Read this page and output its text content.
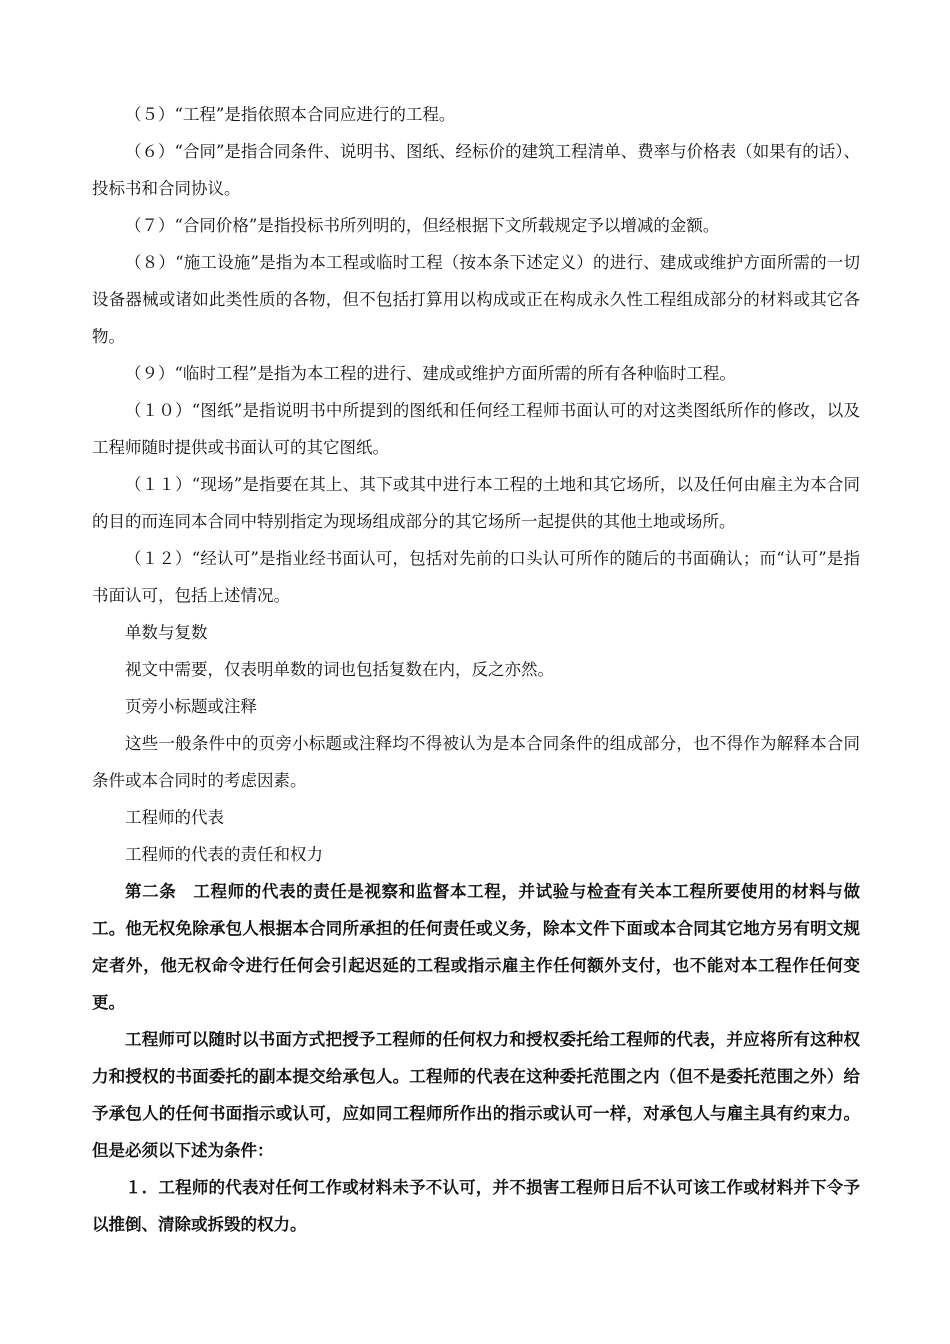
（５）“工程”是指依照本合同应进行的工程。

（６）“合同”是指合同条件、说明书、图纸、经标价的建筑工程清单、费率与价格表（如果有的话）、投标书和合同协议。

（７）“合同价格”是指投标书所列明的，但经根据下文所载规定予以增减的金额。

（８）“施工设施”是指为本工程或临时工程（按本条下述定义）的进行、建成或维护方面所需的一切设备器械或诸如此类性质的各物，但不包括打算用以构成或正在构成永久性工程组成部分的材料或其它各物。

（９）“临时工程”是指为本工程的进行、建成或维护方面所需的所有各种临时工程。

（１０）“图纸”是指说明书中所提到的图纸和任何经工程师书面认可的对这类图纸所作的修改，以及工程师随时提供或书面认可的其它图纸。

（１１）“现场”是指要在其上、其下或其中进行本工程的土地和其它场所，以及任何由雇主为本合同的目的而连同本合同中特别指定为现场组成部分的其它场所一起提供的其他土地或场所。

（１２）“经认可”是指业经书面认可，包括对先前的口头认可所作的随后的书面确认；而“认可”是指书面认可，包括上述情况。

单数与复数

视文中需要，仅表明单数的词也包括复数在内，反之亦然。

页旁小标题或注释

这些一般条件中的页旁小标题或注释均不得被认为是本合同条件的组成部分，也不得作为解释本合同条件或本合同时的考虑因素。

工程师的代表

工程师的代表的责任和权力

第二条　工程师的代表的责任是视察和监督本工程，并试验与检查有关本工程所要使用的材料与做工。他无权免除承包人根据本合同所承担的任何责任或义务，除本文件下面或本合同其它地方另有明文规定者外，他无权命令进行任何会引起迟延的工程或指示雇主作任何额外支付，也不能对本工程作任何变更。

工程师可以随时以书面方式把授予工程师的任何权力和授权委托给工程师的代表，并应将所有这种权力和授权的书面委托的副本提交给承包人。工程师的代表在这种委托范围之内（但不是委托范围之外）给予承包人的任何书面指示或认可，应如同工程师所作出的指示或认可一样，对承包人与雇主具有约束力。但是必须以下述为条件：

１．工程师的代表对任何工作或材料未予不认可，并不损害工程师日后不认可该工作或材料并下令予以推倒、清除或拆毁的权力。
